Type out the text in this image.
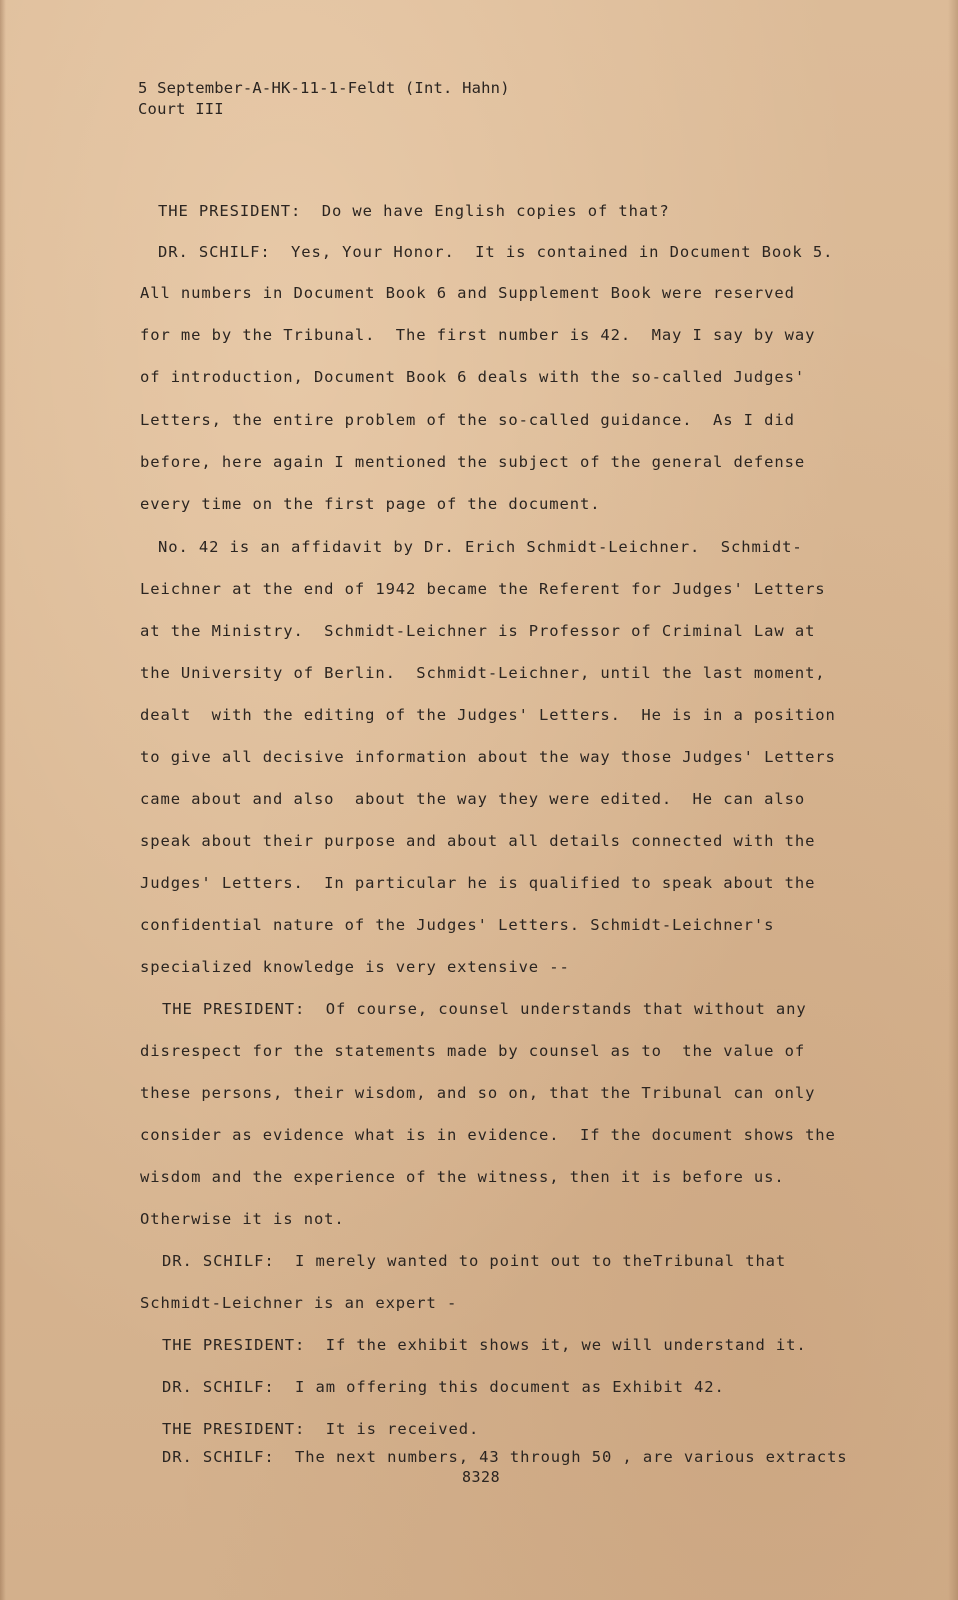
5 September-A-HK-11-1-Feldt (Int. Hahn)
Court III
THE PRESIDENT:  Do we have English copies of that?
DR. SCHILF:  Yes, Your Honor.  It is contained in Document Book 5.
All numbers in Document Book 6 and Supplement Book were reserved
for me by the Tribunal.  The first number is 42.  May I say by way
of introduction, Document Book 6 deals with the so-called Judges'
Letters, the entire problem of the so-called guidance.  As I did
before, here again I mentioned the subject of the general defense
every time on the first page of the document.
No. 42 is an affidavit by Dr. Erich Schmidt-Leichner.  Schmidt-
Leichner at the end of 1942 became the Referent for Judges' Letters
at the Ministry.  Schmidt-Leichner is Professor of Criminal Law at
the University of Berlin.  Schmidt-Leichner, until the last moment,
dealt  with the editing of the Judges' Letters.  He is in a position
to give all decisive information about the way those Judges' Letters
came about and also  about the way they were edited.  He can also
speak about their purpose and about all details connected with the
Judges' Letters.  In particular he is qualified to speak about the
confidential nature of the Judges' Letters. Schmidt-Leichner's
specialized knowledge is very extensive --
THE PRESIDENT:  Of course, counsel understands that without any
disrespect for the statements made by counsel as to  the value of
these persons, their wisdom, and so on, that the Tribunal can only
consider as evidence what is in evidence.  If the document shows the
wisdom and the experience of the witness, then it is before us.
Otherwise it is not.
DR. SCHILF:  I merely wanted to point out to theTribunal that
Schmidt-Leichner is an expert -
THE PRESIDENT:  If the exhibit shows it, we will understand it.
DR. SCHILF:  I am offering this document as Exhibit 42.
THE PRESIDENT:  It is received.
DR. SCHILF:  The next numbers, 43 through 50 , are various extracts
8328
